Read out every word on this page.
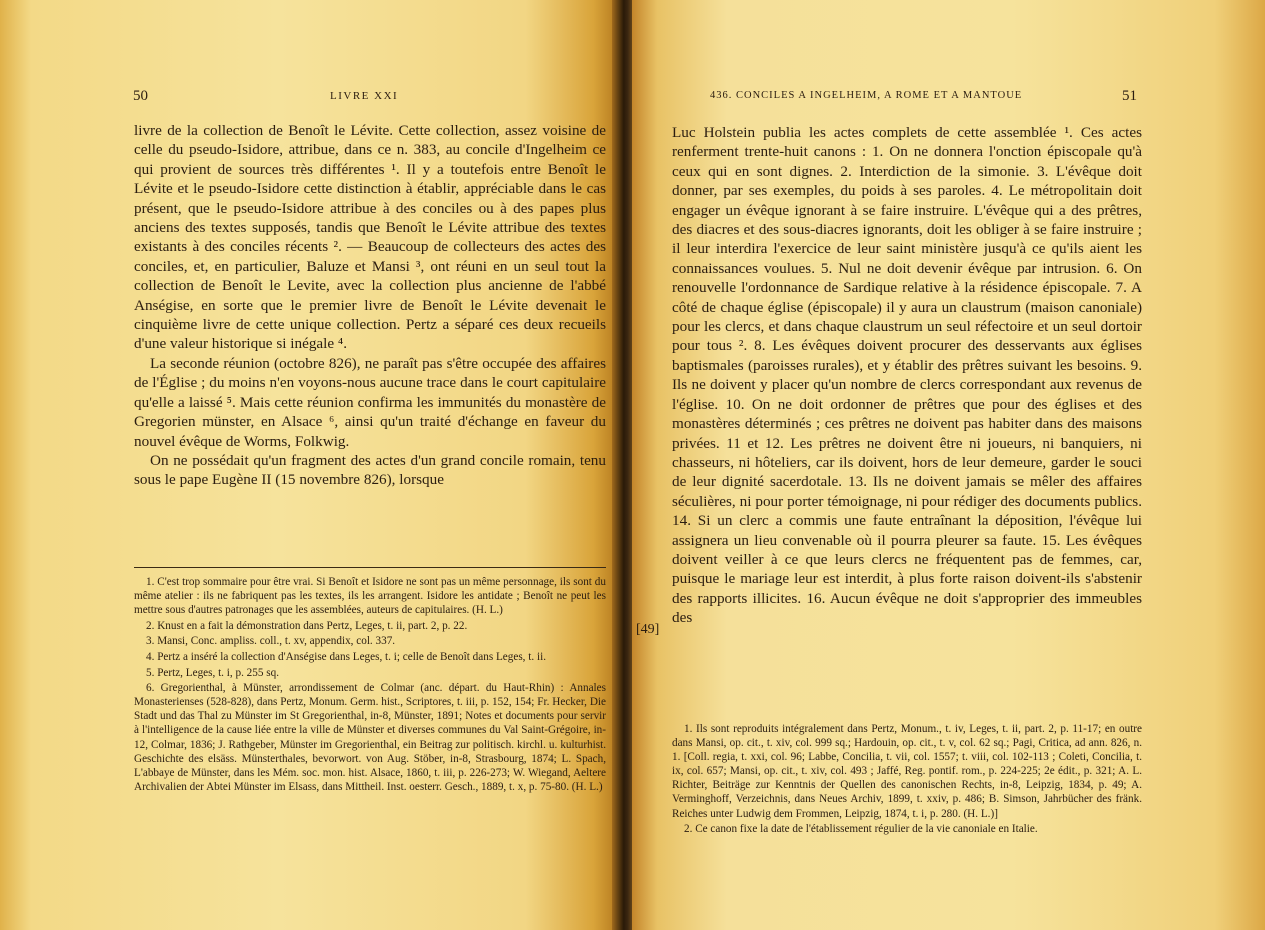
50	LIVRE XXI

livre de la collection de Benoît le Lévite. Cette collection, assez voisine de celle du pseudo-Isidore, attribue, dans ce n. 383, au concile d'Ingelheim ce qui provient de sources très différentes ¹. Il y a toutefois entre Benoît le Lévite et le pseudo-Isidore cette distinction à établir, appréciable dans le cas présent, que le pseudo-Isidore attribue à des conciles ou à des papes plus anciens des textes supposés, tandis que Benoît le Lévite attribue des textes existants à des conciles récents ². — Beaucoup de collecteurs des actes des conciles, et, en particulier, Baluze et Mansi ³, ont réuni en un seul tout la collection de Benoît le Levite, avec la collection plus ancienne de l'abbé Anségise, en sorte que le premier livre de Benoît le Lévite devenait le cinquième livre de cette unique collection. Pertz a séparé ces deux recueils d'une valeur historique si inégale ⁴.

La seconde réunion (octobre 826), ne paraît pas s'être occupée des affaires de l'Église ; du moins n'en voyons-nous aucune trace dans le court capitulaire qu'elle a laissé ⁵. Mais cette réunion confirma les immunités du monastère de Gregorien münster, en Alsace ⁶, ainsi qu'un traité d'échange en faveur du nouvel évêque de Worms, Folkwig.

On ne possédait qu'un fragment des actes d'un grand concile romain, tenu sous le pape Eugène II (15 novembre 826), lorsque

1. C'est trop sommaire pour être vrai. Si Benoît et Isidore ne sont pas un même personnage, ils sont du même atelier : ils ne fabriquent pas les textes, ils les arrangent. Isidore les antidate ; Benoît ne peut les mettre sous d'autres patronages que les assemblées, auteurs de capitulaires. (H. L.)

2. Knust en a fait la démonstration dans Pertz, Leges, t. ii, part. 2, p. 22.

3. Mansi, Conc. ampliss. coll., t. xv, appendix, col. 337.

4. Pertz a inséré la collection d'Anségise dans Leges, t. i; celle de Benoît dans Leges, t. ii.

5. Pertz, Leges, t. i, p. 255 sq.

6. Gregorienthal, à Münster, arrondissement de Colmar (anc. départ. du Haut-Rhin) : Annales Monasterienses (528-828), dans Pertz, Monum. Germ. hist., Scriptores, t. iii, p. 152, 154; Fr. Hecker, Die Stadt und das Thal zu Münster im St Gregorienthal, in-8, Münster, 1891; Notes et documents pour servir à l'intelligence de la cause liée entre la ville de Münster et diverses communes du Val Saint-Grégoire, in-12, Colmar, 1836; J. Rathgeber, Münster im Gregorienthal, ein Beitrag zur politisch. kirchl. u. kulturhist. Geschichte des elsäss. Münsterthales, bevorwort. von Aug. Stöber, in-8, Strasbourg, 1874; L. Spach, L'abbaye de Münster, dans les Mém. soc. mon. hist. Alsace, 1860, t. iii, p. 226-273; W. Wiegand, Aeltere Archivalien der Abtei Münster im Elsass, dans Mittheil. Inst. oesterr. Gesch., 1889, t. x, p. 75-80. (H. L.)

436. CONCILES A INGELHEIM, A ROME ET A MANTOUE	51
[49]

Luc Holstein publia les actes complets de cette assemblée ¹. Ces actes renferment trente-huit canons : 1. On ne donnera l'onction épiscopale qu'à ceux qui en sont dignes. 2. Interdiction de la simonie. 3. L'évêque doit donner, par ses exemples, du poids à ses paroles. 4. Le métropolitain doit engager un évêque ignorant à se faire instruire. L'évêque qui a des prêtres, des diacres et des sous-diacres ignorants, doit les obliger à se faire instruire ; il leur interdira l'exercice de leur saint ministère jusqu'à ce qu'ils aient les connaissances voulues. 5. Nul ne doit devenir évêque par intrusion. 6. On renouvelle l'ordonnance de Sardique relative à la résidence épiscopale. 7. A côté de chaque église (épiscopale) il y aura un claustrum (maison canoniale) pour les clercs, et dans chaque claustrum un seul réfectoire et un seul dortoir pour tous ². 8. Les évêques doivent procurer des desservants aux églises baptismales (paroisses rurales), et y établir des prêtres suivant les besoins. 9. Ils ne doivent y placer qu'un nombre de clercs correspondant aux revenus de l'église. 10. On ne doit ordonner de prêtres que pour des églises et des monastères déterminés ; ces prêtres ne doivent pas habiter dans des maisons privées. 11 et 12. Les prêtres ne doivent être ni joueurs, ni banquiers, ni chasseurs, ni hôteliers, car ils doivent, hors de leur demeure, garder le souci de leur dignité sacerdotale. 13. Ils ne doivent jamais se mêler des affaires séculières, ni pour porter témoignage, ni pour rédiger des documents publics. 14. Si un clerc a commis une faute entraînant la déposition, l'évêque lui assignera un lieu convenable où il pourra pleurer sa faute. 15. Les évêques doivent veiller à ce que leurs clercs ne fréquentent pas de femmes, car, puisque le mariage leur est interdit, à plus forte raison doivent-ils s'abstenir des rapports illicites. 16. Aucun évêque ne doit s'approprier des immeubles des

1. Ils sont reproduits intégralement dans Pertz, Monum., t. iv, Leges, t. ii, part. 2, p. 11-17; en outre dans Mansi, op. cit., t. xiv, col. 999 sq.; Hardouin, op. cit., t. v, col. 62 sq.; Pagi, Critica, ad ann. 826, n. 1. [Coll. regia, t. xxi, col. 96; Labbe, Concilia, t. vii, col. 1557; t. viii, col. 102-113 ; Coleti, Concilia, t. ix, col. 657; Mansi, op. cit., t. xiv, col. 493 ; Jaffé, Reg. pontif. rom., p. 224-225; 2e édit., p. 321; A. L. Richter, Beiträge zur Kenntnis der Quellen des canonischen Rechts, in-8, Leipzig, 1834, p. 49; A. Verminghoff, Verzeichnis, dans Neues Archiv, 1899, t. xxiv, p. 486; B. Simson, Jahrbücher des fränk. Reiches unter Ludwig dem Frommen, Leipzig, 1874, t. i, p. 280. (H. L.)]

2. Ce canon fixe la date de l'établissement régulier de la vie canoniale en Italie.
